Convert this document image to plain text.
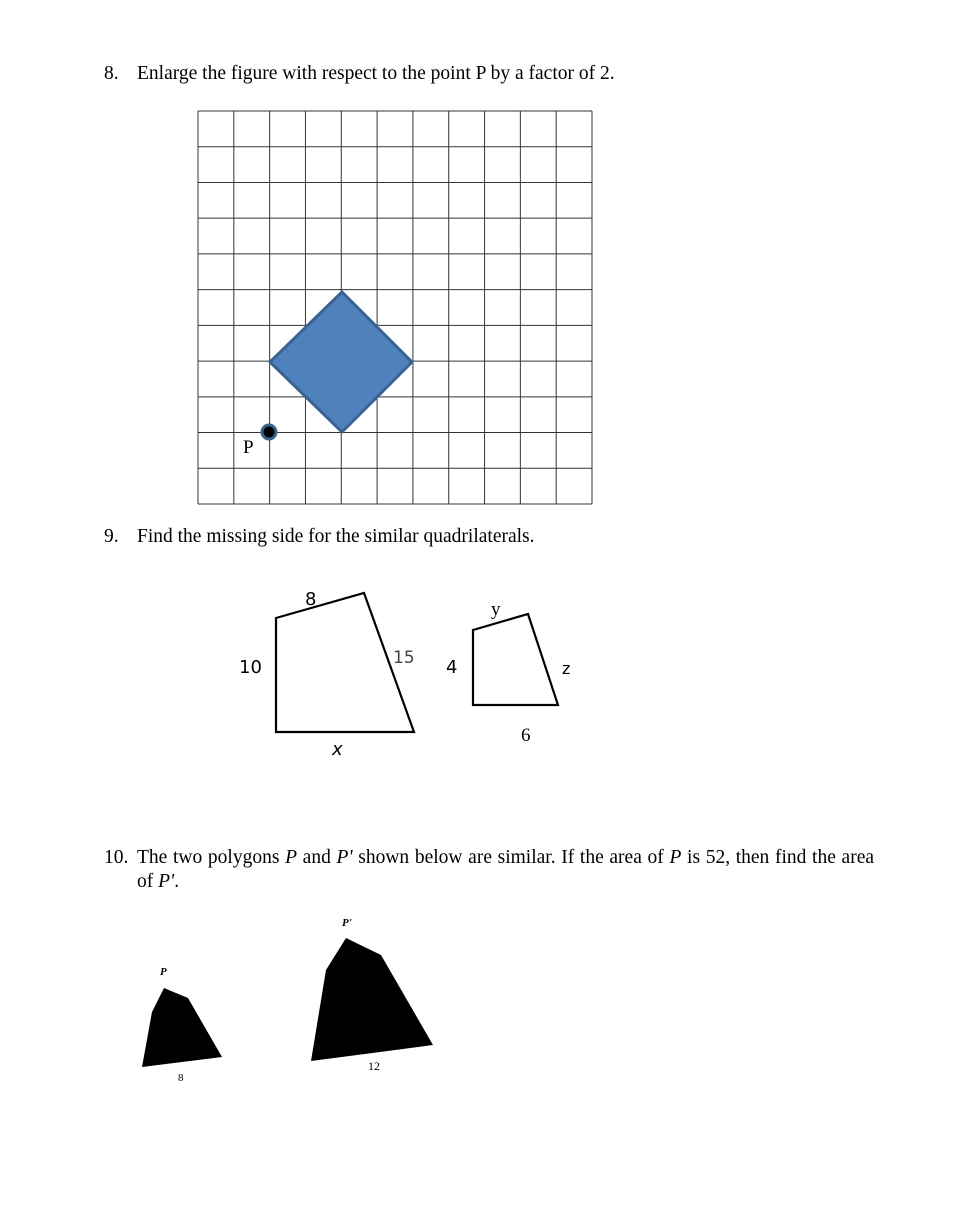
8. Enlarge the figure with respect to the point P by a factor of 2.
9. Find the missing side for the similar quadrilaterals.
10. The two polygons P and P' shown below are similar. If the area of P is 52, then find the area of P'.
P
8
10	15
x
y
4	z
6
P
8
P'
12
